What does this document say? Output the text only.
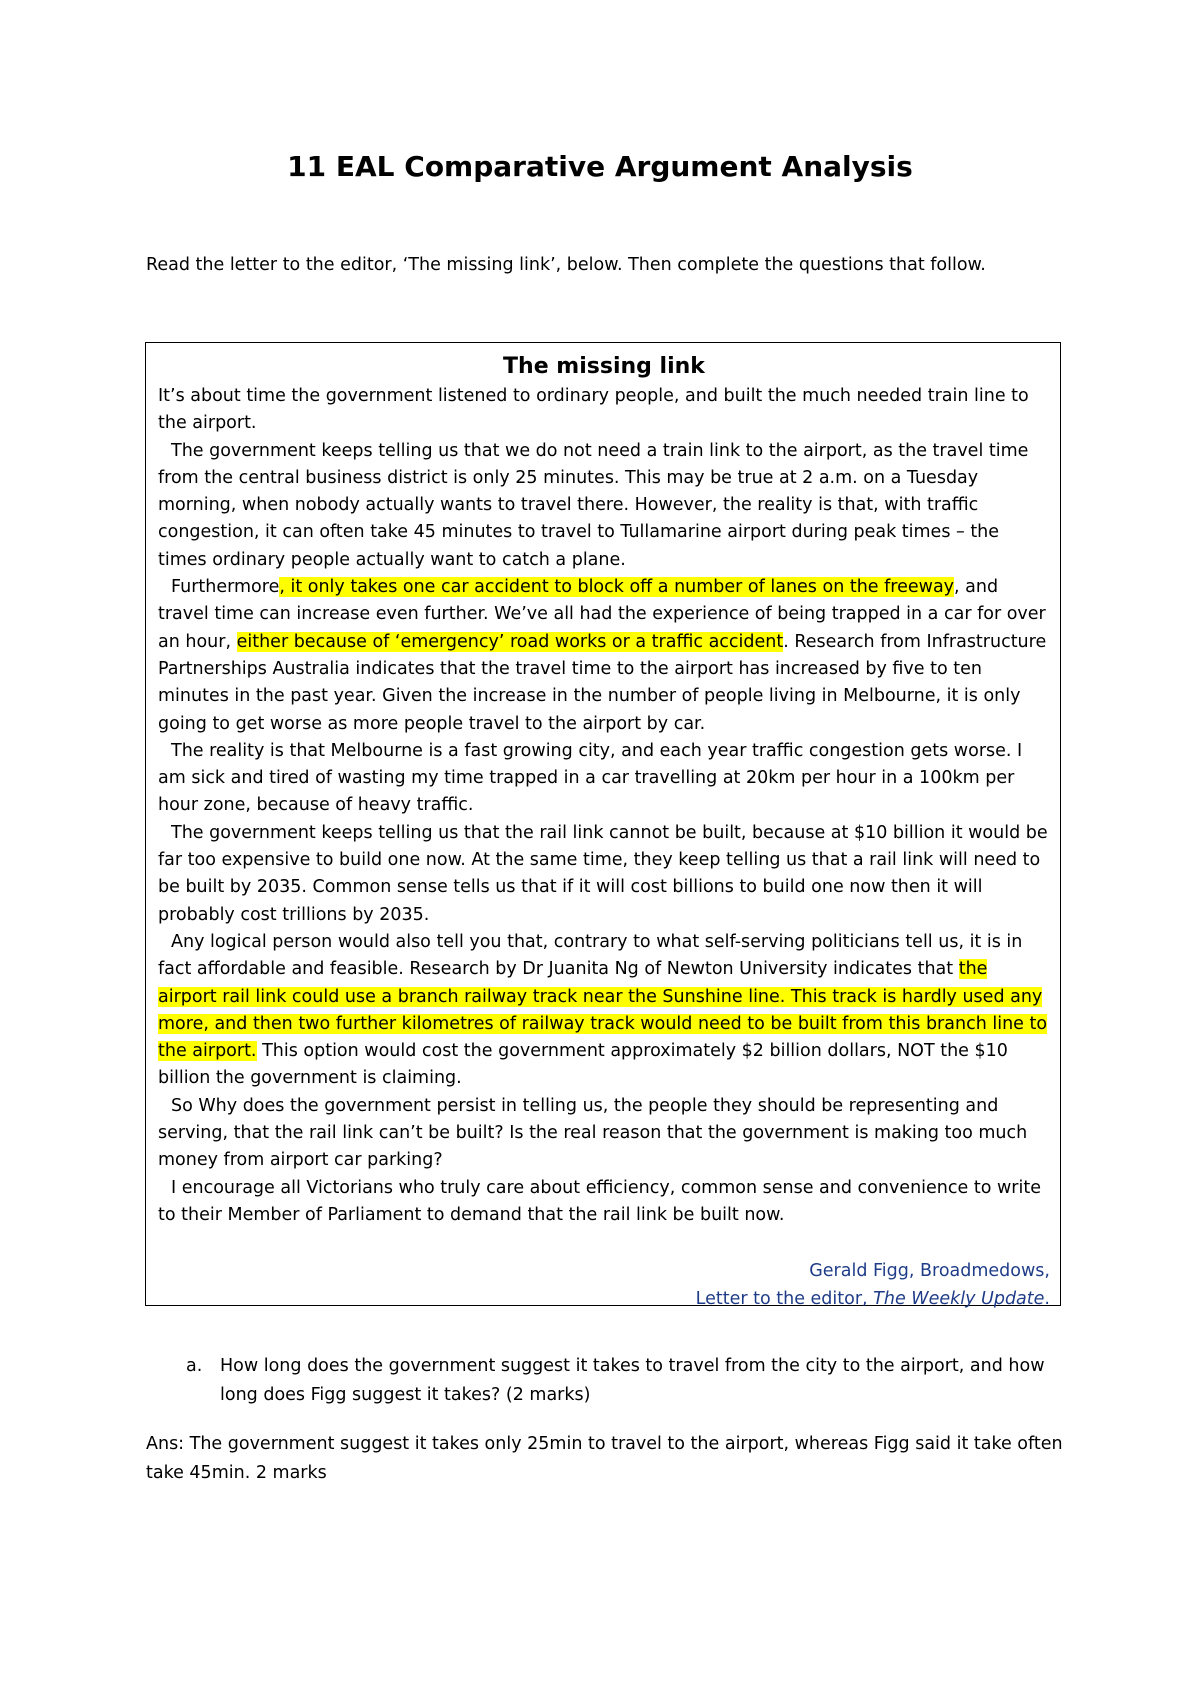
11 EAL Comparative Argument Analysis
Read the letter to the editor, ‘The missing link’, below. Then complete the questions that follow.
The missing link

It’s about time the government listened to ordinary people, and built the much needed train line to the airport.

The government keeps telling us that we do not need a train link to the airport, as the travel time from the central business district is only 25 minutes. This may be true at 2 a.m. on a Tuesday morning, when nobody actually wants to travel there. However, the reality is that, with traffic congestion, it can often take 45 minutes to travel to Tullamarine airport during peak times – the times ordinary people actually want to catch a plane.

Furthermore, it only takes one car accident to block off a number of lanes on the freeway, and travel time can increase even further. We’ve all had the experience of being trapped in a car for over an hour, either because of ‘emergency’ road works or a traffic accident. Research from Infrastructure Partnerships Australia indicates that the travel time to the airport has increased by five to ten minutes in the past year. Given the increase in the number of people living in Melbourne, it is only going to get worse as more people travel to the airport by car.

The reality is that Melbourne is a fast growing city, and each year traffic congestion gets worse. I am sick and tired of wasting my time trapped in a car travelling at 20km per hour in a 100km per hour zone, because of heavy traffic.

The government keeps telling us that the rail link cannot be built, because at $10 billion it would be far too expensive to build one now. At the same time, they keep telling us that a rail link will need to be built by 2035. Common sense tells us that if it will cost billions to build one now then it will probably cost trillions by 2035.

Any logical person would also tell you that, contrary to what self-serving politicians tell us, it is in fact affordable and feasible. Research by Dr Juanita Ng of Newton University indicates that the airport rail link could use a branch railway track near the Sunshine line. This track is hardly used any more, and then two further kilometres of railway track would need to be built from this branch line to the airport. This option would cost the government approximately $2 billion dollars, NOT the $10 billion the government is claiming.

So Why does the government persist in telling us, the people they should be representing and serving, that the rail link can’t be built? Is the real reason that the government is making too much money from airport car parking?

I encourage all Victorians who truly care about efficiency, common sense and convenience to write to their Member of Parliament to demand that the rail link be built now.

Gerald Figg, Broadmedows,
Letter to the editor, The Weekly Update.
a.	How long does the government suggest it takes to travel from the city to the airport, and how long does Figg suggest it takes? (2 marks)
Ans: The government suggest it takes only 25min to travel to the airport, whereas Figg said it take often take 45min. 2 marks
